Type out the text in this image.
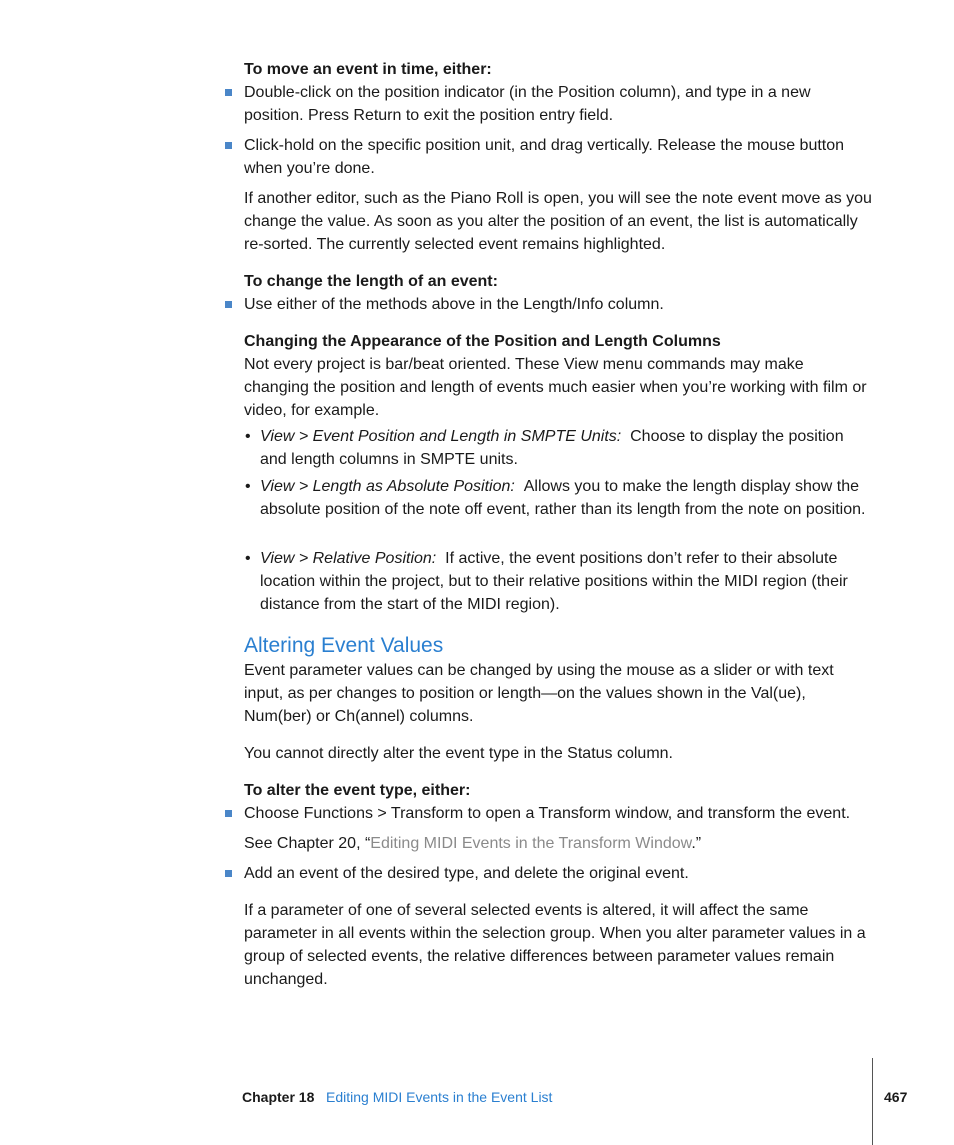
To move an event in time, either:

Double-click on the position indicator (in the Position column), and type in a new position. Press Return to exit the position entry field.

Click-hold on the specific position unit, and drag vertically. Release the mouse button when you’re done.

If another editor, such as the Piano Roll is open, you will see the note event move as you change the value. As soon as you alter the position of an event, the list is automatically re-sorted. The currently selected event remains highlighted.

To change the length of an event:

Use either of the methods above in the Length/Info column.

Changing the Appearance of the Position and Length Columns

Not every project is bar/beat oriented. These View menu commands may make changing the position and length of events much easier when you’re working with film or video, for example.

• View > Event Position and Length in SMPTE Units: Choose to display the position and length columns in SMPTE units.

• View > Length as Absolute Position: Allows you to make the length display show the absolute position of the note off event, rather than its length from the note on position.

• View > Relative Position: If active, the event positions don’t refer to their absolute location within the project, but to their relative positions within the MIDI region (their distance from the start of the MIDI region).

Altering Event Values

Event parameter values can be changed by using the mouse as a slider or with text input, as per changes to position or length—on the values shown in the Val(ue), Num(ber) or Ch(annel) columns.

You cannot directly alter the event type in the Status column.

To alter the event type, either:

Choose Functions > Transform to open a Transform window, and transform the event.

See Chapter 20, “Editing MIDI Events in the Transform Window.”

Add an event of the desired type, and delete the original event.

If a parameter of one of several selected events is altered, it will affect the same parameter in all events within the selection group. When you alter parameter values in a group of selected events, the relative differences between parameter values remain unchanged.

Chapter 18 Editing MIDI Events in the Event List	467
